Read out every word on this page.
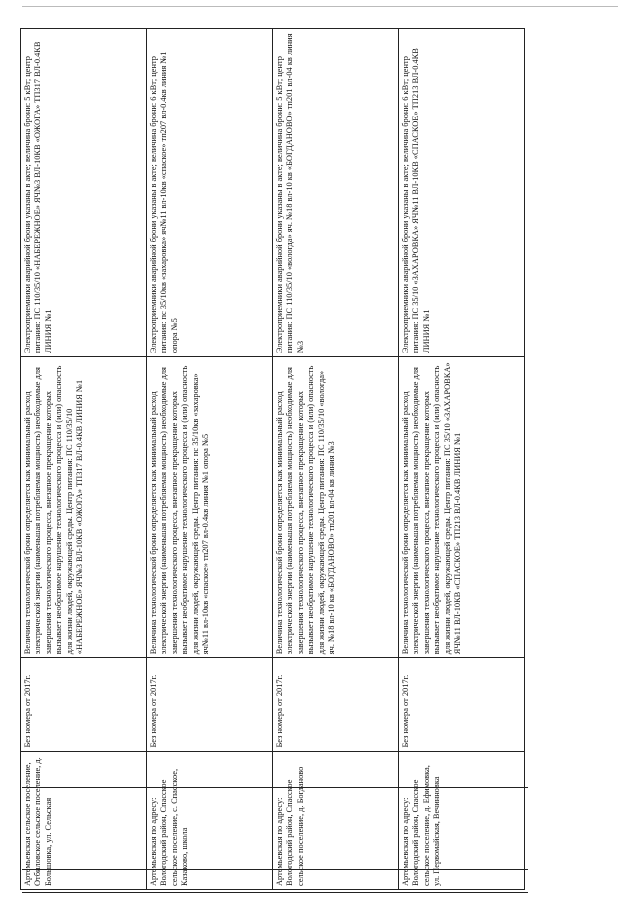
Артемьевская сельское поселение, Отбиловское сельское поселение, д. Большовка, ул. Сельская	Без номера от 2017г.	Величина технологической брони определяется как минимальный расход электрической энергии (наименьшая потребляемая мощность) необходимые для завершения технологического процесса, внезапное прекращение которых вызывает необратимое нарушение технологического процесса и (или) опасность для жизни людей, окружающей среды. Центр питания: ПС 110/35/10 «НАБЕРЕЖНОЕ» ЯЧ№3 ВЛ-10КВ «ОЖОГА» ТП317 ВЛ-0.4КВ ЛИНИЯ №1	Электроприемники аварийной брони указаны в акте; величина брони: 5 кВт; центр питания: ПС 110/35/10 «НАБЕРЕЖНОЕ» ЯЧ№3 ВЛ-10КВ «ОЖОГА» ТП317 ВЛ-0.4КВ ЛИНИЯ №1
Артемьевская по адресу: Вологодский район, Спасское сельское поселение, с. Спасское, Казаково, школа	Без номера от 2017г.	Величина технологической брони определяется как минимальный расход электрической энергии (наименьшая потребляемая мощность) необходимые для завершения технологического процесса, внезапное прекращение которых вызывает необратимое нарушение технологического процесса и (или) опасность для жизни людей, окружающей среды. Центр питания: пс 35/10кв «захаровка» яч№11 вл-10кв «спаское» тп207 вл-0.4кв линия №1 опора №5	Электроприемники аварийной брони указаны в акте; величина брони: 6 кВт; центр питания: пс 35/10кв «захаровка» яч№11 вл-10кв «спаское» тп207 вл-0.4кв линия №1 опора №5
Артемьевская по адресу: Вологодский район, Спасское сельское поселение, д. Богданово	Без номера от 2017г.	Величина технологической брони определяется как минимальный расход электрической энергии (наименьшая потребляемая мощность) необходимые для завершения технологического процесса, внезапное прекращение которых вызывает необратимое нарушение технологического процесса и (или) опасность для жизни людей, окружающей среды. Центр питания: ПС 110/35/10 «вологда» яч. №18 вл-10 кв «БОГДАНОВО» тп201 вл-04 кв линия №3	Электроприемники аварийной брони указаны в акте; величина брони: 5 кВт; центр питания: ПС 110/35/10 «вологда» яч. №18 вл-10 кв «БОГДАНОВО» тп201 вл-04 кв линия №3
Артемьевская по адресу: Вологодский район, Спасское сельское поселение, д. Ефимовка, ул. Первомайская, Вечинновка	Без номера от 2017г.	Величина технологической брони определяется как минимальный расход электрической энергии (наименьшая потребляемая мощность) необходимые для завершения технологического процесса, внезапное прекращение которых вызывает необратимое нарушение технологического процесса и (или) опасность для жизни людей, окружающей среды. Центр питания: ПС 35/10 «ЗАХАРОВКА» ЯЧ№11 ВЛ-10КВ «СПАСКОЕ» ТП213 ВЛ-0.4КВ ЛИНИЯ №1	Электроприемники аварийной брони указаны в акте; величина брони: 6 кВт; центр питания: ПС 35/10 «ЗАХАРОВКА» ЯЧ№11 ВЛ-10КВ «СПАСКОЕ» ТП213 ВЛ-0.4КВ ЛИНИЯ №1
